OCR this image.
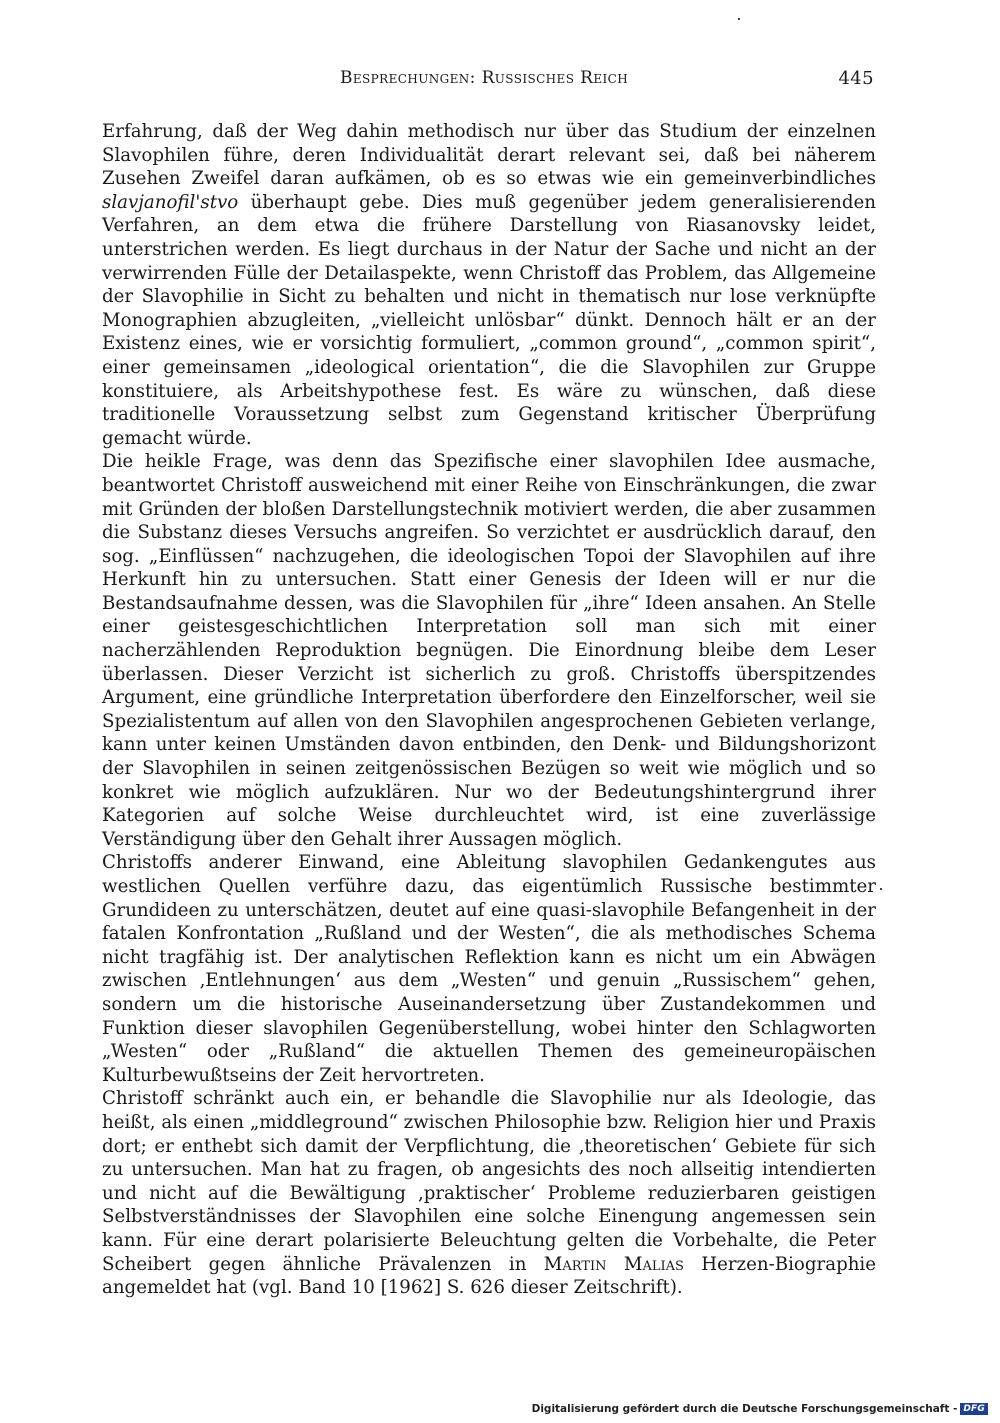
Besprechungen: Russisches Reich	445

Erfahrung, daß der Weg dahin methodisch nur über das Studium der einzelnen Slavophilen führe, deren Individualität derart relevant sei, daß bei näherem Zusehen Zweifel daran aufkämen, ob es so etwas wie ein gemeinverbindliches slavjanofil'stvo überhaupt gebe. Dies muß gegenüber jedem generalisierenden Verfahren, an dem etwa die frühere Darstellung von Riasanovsky leidet, unterstrichen werden. Es liegt durchaus in der Natur der Sache und nicht an der verwirrenden Fülle der Detailaspekte, wenn Christoff das Problem, das Allgemeine der Slavophilie in Sicht zu behalten und nicht in thematisch nur lose verknüpfte Monographien abzugleiten, „vielleicht unlösbar“ dünkt. Dennoch hält er an der Existenz eines, wie er vorsichtig formuliert, „common ground“, „common spirit“, einer gemeinsamen „ideological orientation“, die die Slavophilen zur Gruppe konstituiere, als Arbeitshypothese fest. Es wäre zu wünschen, daß diese traditionelle Voraussetzung selbst zum Gegenstand kritischer Überprüfung gemacht würde.

Die heikle Frage, was denn das Spezifische einer slavophilen Idee ausmache, beantwortet Christoff ausweichend mit einer Reihe von Einschränkungen, die zwar mit Gründen der bloßen Darstellungstechnik motiviert werden, die aber zusammen die Substanz dieses Versuchs angreifen. So verzichtet er ausdrücklich darauf, den sog. „Einflüssen“ nachzugehen, die ideologischen Topoi der Slavophilen auf ihre Herkunft hin zu untersuchen. Statt einer Genesis der Ideen will er nur die Bestandsaufnahme dessen, was die Slavophilen für „ihre“ Ideen ansahen. An Stelle einer geistesgeschichtlichen Interpretation soll man sich mit einer nacherzählenden Reproduktion begnügen. Die Einordnung bleibe dem Leser überlassen. Dieser Verzicht ist sicherlich zu groß. Christoffs überspitzendes Argument, eine gründliche Interpretation überfordere den Einzelforscher, weil sie Spezialistentum auf allen von den Slavophilen angesprochenen Gebieten verlange, kann unter keinen Umständen davon entbinden, den Denk- und Bildungshorizont der Slavophilen in seinen zeitgenössischen Bezügen so weit wie möglich und so konkret wie möglich aufzuklären. Nur wo der Bedeutungshintergrund ihrer Kategorien auf solche Weise durchleuchtet wird, ist eine zuverlässige Verständigung über den Gehalt ihrer Aussagen möglich.

Christoffs anderer Einwand, eine Ableitung slavophilen Gedankengutes aus westlichen Quellen verführe dazu, das eigentümlich Russische bestimmter Grundideen zu unterschätzen, deutet auf eine quasi-slavophile Befangenheit in der fatalen Konfrontation „Rußland und der Westen“, die als methodisches Schema nicht tragfähig ist. Der analytischen Reflektion kann es nicht um ein Abwägen zwischen ‚Entlehnungen‘ aus dem „Westen“ und genuin „Russischem“ gehen, sondern um die historische Auseinandersetzung über Zustandekommen und Funktion dieser slavophilen Gegenüberstellung, wobei hinter den Schlagworten „Westen“ oder „Rußland“ die aktuellen Themen des gemeineuropäischen Kulturbewußtseins der Zeit hervortreten.

Christoff schränkt auch ein, er behandle die Slavophilie nur als Ideologie, das heißt, als einen „middleground“ zwischen Philosophie bzw. Religion hier und Praxis dort; er enthebt sich damit der Verpflichtung, die ‚theoretischen‘ Gebiete für sich zu untersuchen. Man hat zu fragen, ob angesichts des noch allseitig intendierten und nicht auf die Bewältigung ‚praktischer‘ Probleme reduzierbaren geistigen Selbstverständnisses der Slavophilen eine solche Einengung angemessen sein kann. Für eine derart polarisierte Beleuchtung gelten die Vorbehalte, die Peter Scheibert gegen ähnliche Prävalenzen in Martin Malias Herzen-Biographie angemeldet hat (vgl. Band 10 [1962] S. 626 dieser Zeitschrift).

Digitalisierung gefördert durch die Deutsche Forschungsgemeinschaft - DFG
